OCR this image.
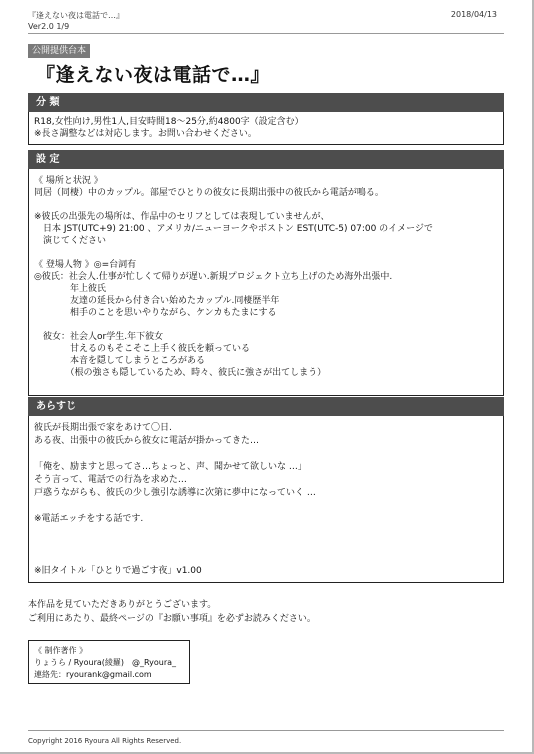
『逢えない夜は電話で…』	2018/04/13
Ver2.0 1/9
公開提供台本
『逢えない夜は電話で…』
分 類
R18,女性向け,男性1人,目安時間18～25分,約4800字（設定含む）
※長さ調整などは対応します。お問い合わせください。
設 定
《 場所と状況 》
同居（同棲）中のカップル。部屋でひとりの彼女に長期出張中の彼氏から電話が鳴る。
※彼氏の出張先の場所は、作品中のセリフとしては表現していませんが、
　日本 JST(UTC+9) 21:00 、アメリカ/ニューヨークやボストン EST(UTC-5) 07:00 のイメージで
　演じてください
《 登場人物 》◎=台詞有
◎彼氏：社会人.仕事が忙しくて帰りが遅い.新規プロジェクト立ち上げのため海外出張中.
　　　　年上彼氏
　　　　友達の延長から付き合い始めたカップル.同棲歴半年
　　　　相手のことを思いやりながら、ケンカもたまにする
　彼女：社会人or学生.年下彼女
　　　　甘えるのもそこそこ上手く彼氏を頼っている
　　　　本音を隠してしまうところがある
　　　　（根の強さも隠しているため、時々、彼氏に強さが出てしまう）
あらすじ
彼氏が長期出張で家をあけて〇日.
ある夜、出張中の彼氏から彼女に電話が掛かってきた…
「俺を、励ますと思ってさ…ちょっと、声、聞かせて欲しいな …」
そう言って、電話での行為を求めた…
戸惑うながらも、彼氏の少し強引な誘導に次第に夢中になっていく …
※電話エッチをする話です.
※旧タイトル「ひとりで過ごす夜」v1.00
本作品を見ていただきありがとうございます。
ご利用にあたり、最終ページの『お願い事項』を必ずお読みください。
《 制作著作 》
りょうら / Ryoura(綾羅)　@_Ryoura_
連絡先：ryourank@gmail.com
Copyright 2016 Ryoura All Rights Reserved.
